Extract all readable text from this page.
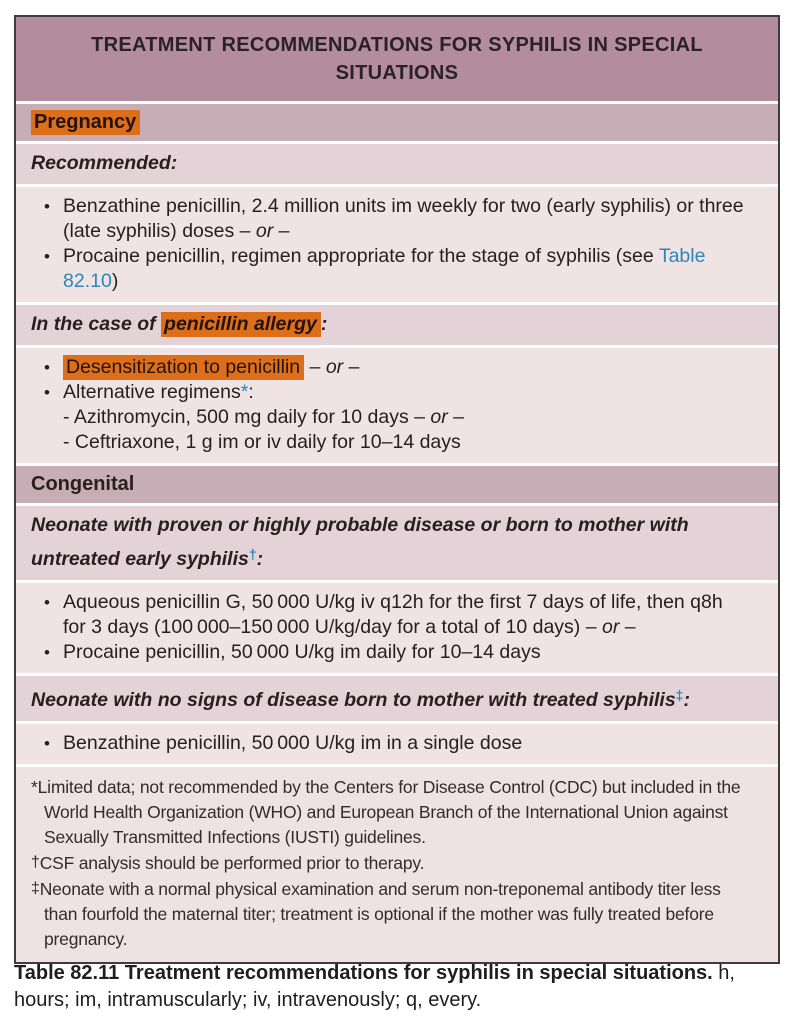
TREATMENT RECOMMENDATIONS FOR SYPHILIS IN SPECIAL SITUATIONS
Pregnancy
Recommended:
• Benzathine penicillin, 2.4 million units im weekly for two (early syphilis) or three (late syphilis) doses – or –
• Procaine penicillin, regimen appropriate for the stage of syphilis (see Table 82.10)
In the case of penicillin allergy :
• Desensitization to penicillin – or –
• Alternative regimens*:
- Azithromycin, 500 mg daily for 10 days – or –
- Ceftriaxone, 1 g im or iv daily for 10–14 days
Congenital
Neonate with proven or highly probable disease or born to mother with untreated early syphilis†:
• Aqueous penicillin G, 50 000 U/kg iv q12h for the first 7 days of life, then q8h for 3 days (100 000–150 000 U/kg/day for a total of 10 days) – or –
• Procaine penicillin, 50 000 U/kg im daily for 10–14 days
Neonate with no signs of disease born to mother with treated syphilis‡:
• Benzathine penicillin, 50 000 U/kg im in a single dose
*Limited data; not recommended by the Centers for Disease Control (CDC) but included in the World Health Organization (WHO) and European Branch of the International Union against Sexually Transmitted Infections (IUSTI) guidelines.
†CSF analysis should be performed prior to therapy.
‡Neonate with a normal physical examination and serum non-treponemal antibody titer less than fourfold the maternal titer; treatment is optional if the mother was fully treated before pregnancy.
Table 82.11 Treatment recommendations for syphilis in special situations. h, hours; im, intramuscularly; iv, intravenously; q, every.
